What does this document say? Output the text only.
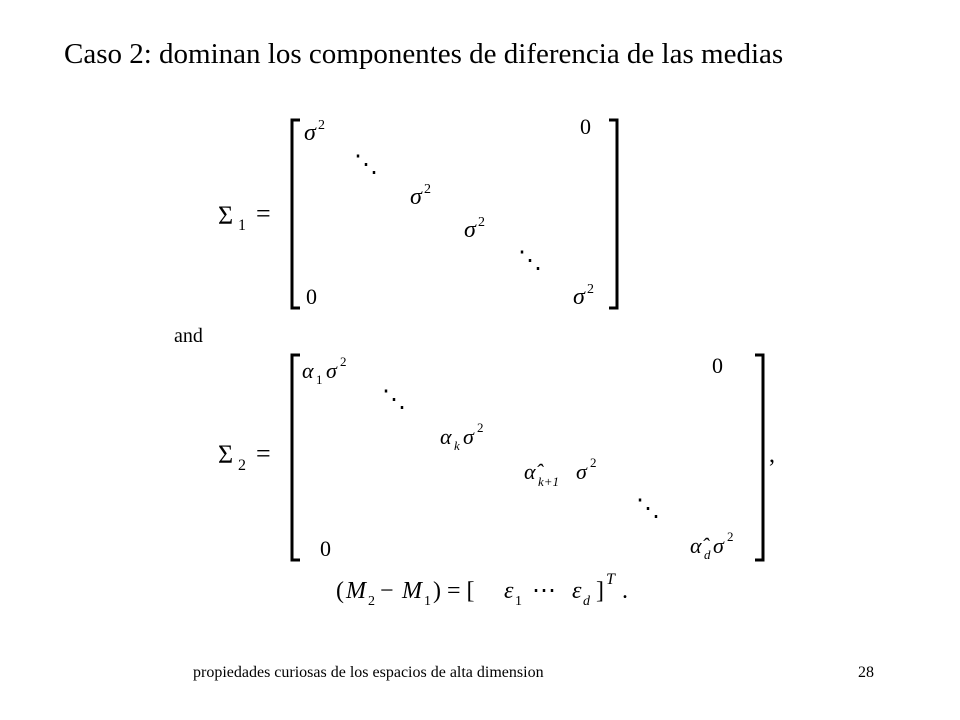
Caso 2: dominan los componentes de diferencia de las medias
Σ 1 =
σ 2	0
⋱
σ 2
σ 2
⋱
0	σ 2
and
Σ 2 =	,
α 1 σ 2	0
⋱
α k σ 2
α̂ k+1 σ 2
⋱
0	α̂ d σ 2
( M 2 − M 1 ) = [ ε 1 ⋯ ε d ] T .
propiedades curiosas de los espacios de alta dimension	28
